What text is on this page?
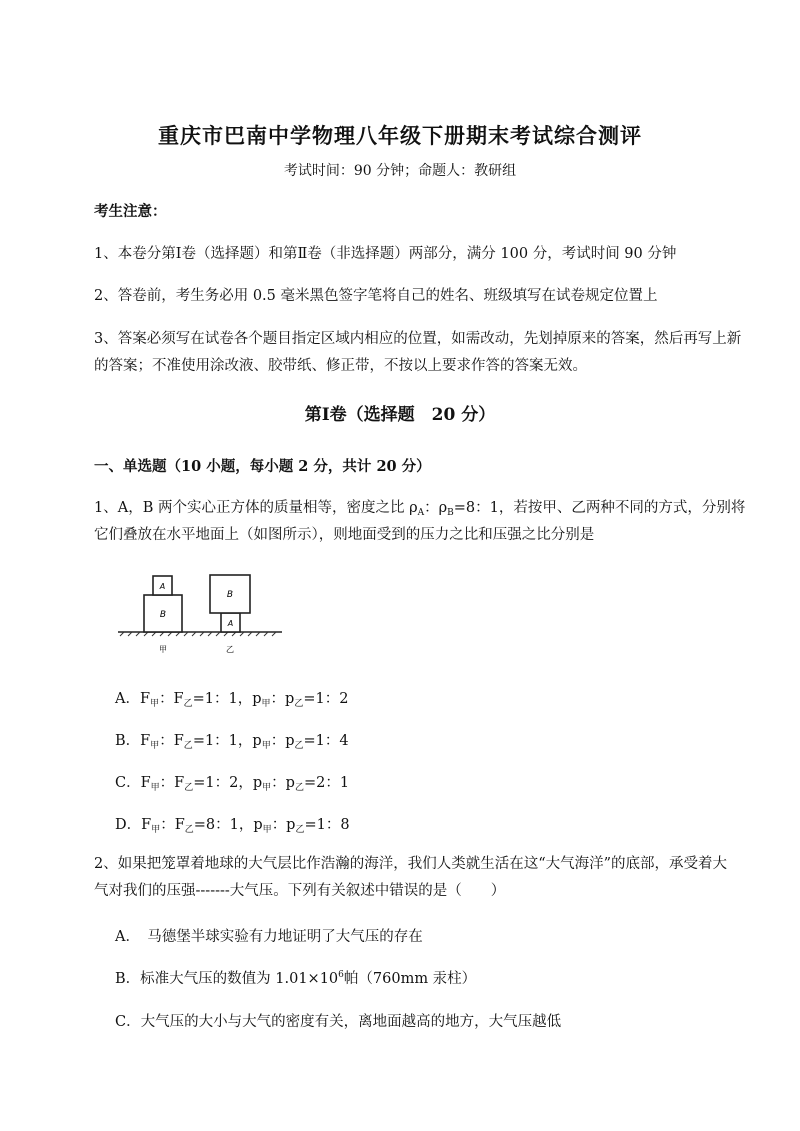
重庆市巴南中学物理八年级下册期末考试综合测评
考试时间：90 分钟；命题人：教研组
考生注意：
1、本卷分第Ⅰ卷（选择题）和第Ⅱ卷（非选择题）两部分，满分 100 分，考试时间 90 分钟
2、答卷前，考生务必用 0.5 毫米黑色签字笔将自己的姓名、班级填写在试卷规定位置上
3、答案必须写在试卷各个题目指定区域内相应的位置，如需改动，先划掉原来的答案，然后再写上新
的答案；不准使用涂改液、胶带纸、修正带，不按以上要求作答的答案无效。
第Ⅰ卷（选择题　20 分）
一、单选题（10 小题，每小题 2 分，共计 20 分）
1、A，B 两个实心正方体的质量相等，密度之比 $\rho_A$：$\rho_B=8$：1，若按甲、乙两种不同的方式，分别将
它们叠放在水平地面上（如图所示），则地面受到的压力之比和压强之比分别是
B
A
B
A
甲	乙
A．$F_甲$：$F_乙=1$：1，$p_甲$：$p_乙=1$：2
B．$F_甲$：$F_乙=1$：1，$p_甲$：$p_乙=1$：4
C．$F_甲$：$F_乙=1$：2，$p_甲$：$p_乙=2$：1
D．$F_甲$：$F_乙=8$：1，$p_甲$：$p_乙=1$：8
2、如果把笼罩着地球的大气层比作浩瀚的海洋，我们人类就生活在这“大气海洋”的底部，承受着大
气对我们的压强-------大气压。下列有关叙述中错误的是（　　）
A．　马德堡半球实验有力地证明了大气压的存在
B．标准大气压的数值为 $1.01\times 10^6$帕（760mm 汞柱）
C．大气压的大小与大气的密度有关，离地面越高的地方，大气压越低
